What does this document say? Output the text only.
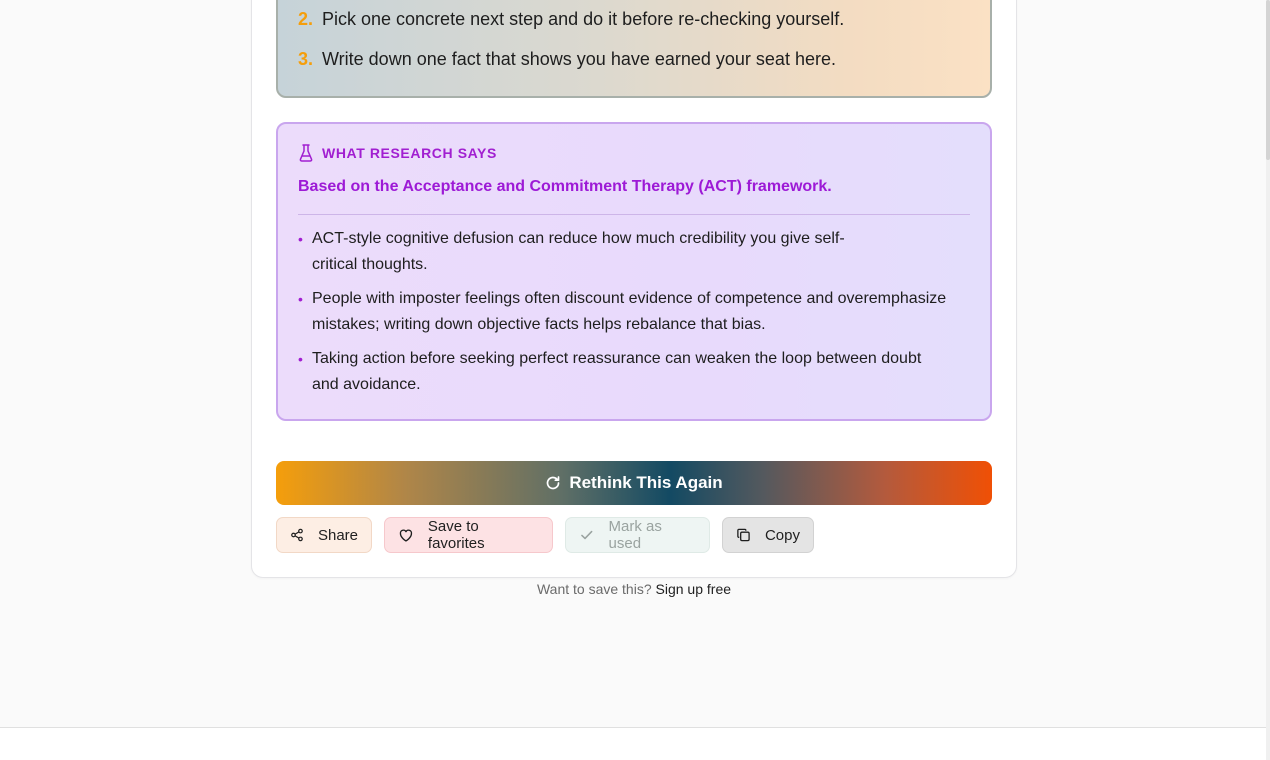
2. Pick one concrete next step and do it before re-checking yourself.
3. Write down one fact that shows you have earned your seat here.
WHAT RESEARCH SAYS
Based on the Acceptance and Commitment Therapy (ACT) framework.
• ACT-style cognitive defusion can reduce how much credibility you give self-critical thoughts.
• People with imposter feelings often discount evidence of competence and overemphasize mistakes; writing down objective facts helps rebalance that bias.
• Taking action before seeking perfect reassurance can weaken the loop between doubt and avoidance.
Rethink This Again
Share	Save to favorites
Mark as used	Copy
Want to save this? Sign up free
